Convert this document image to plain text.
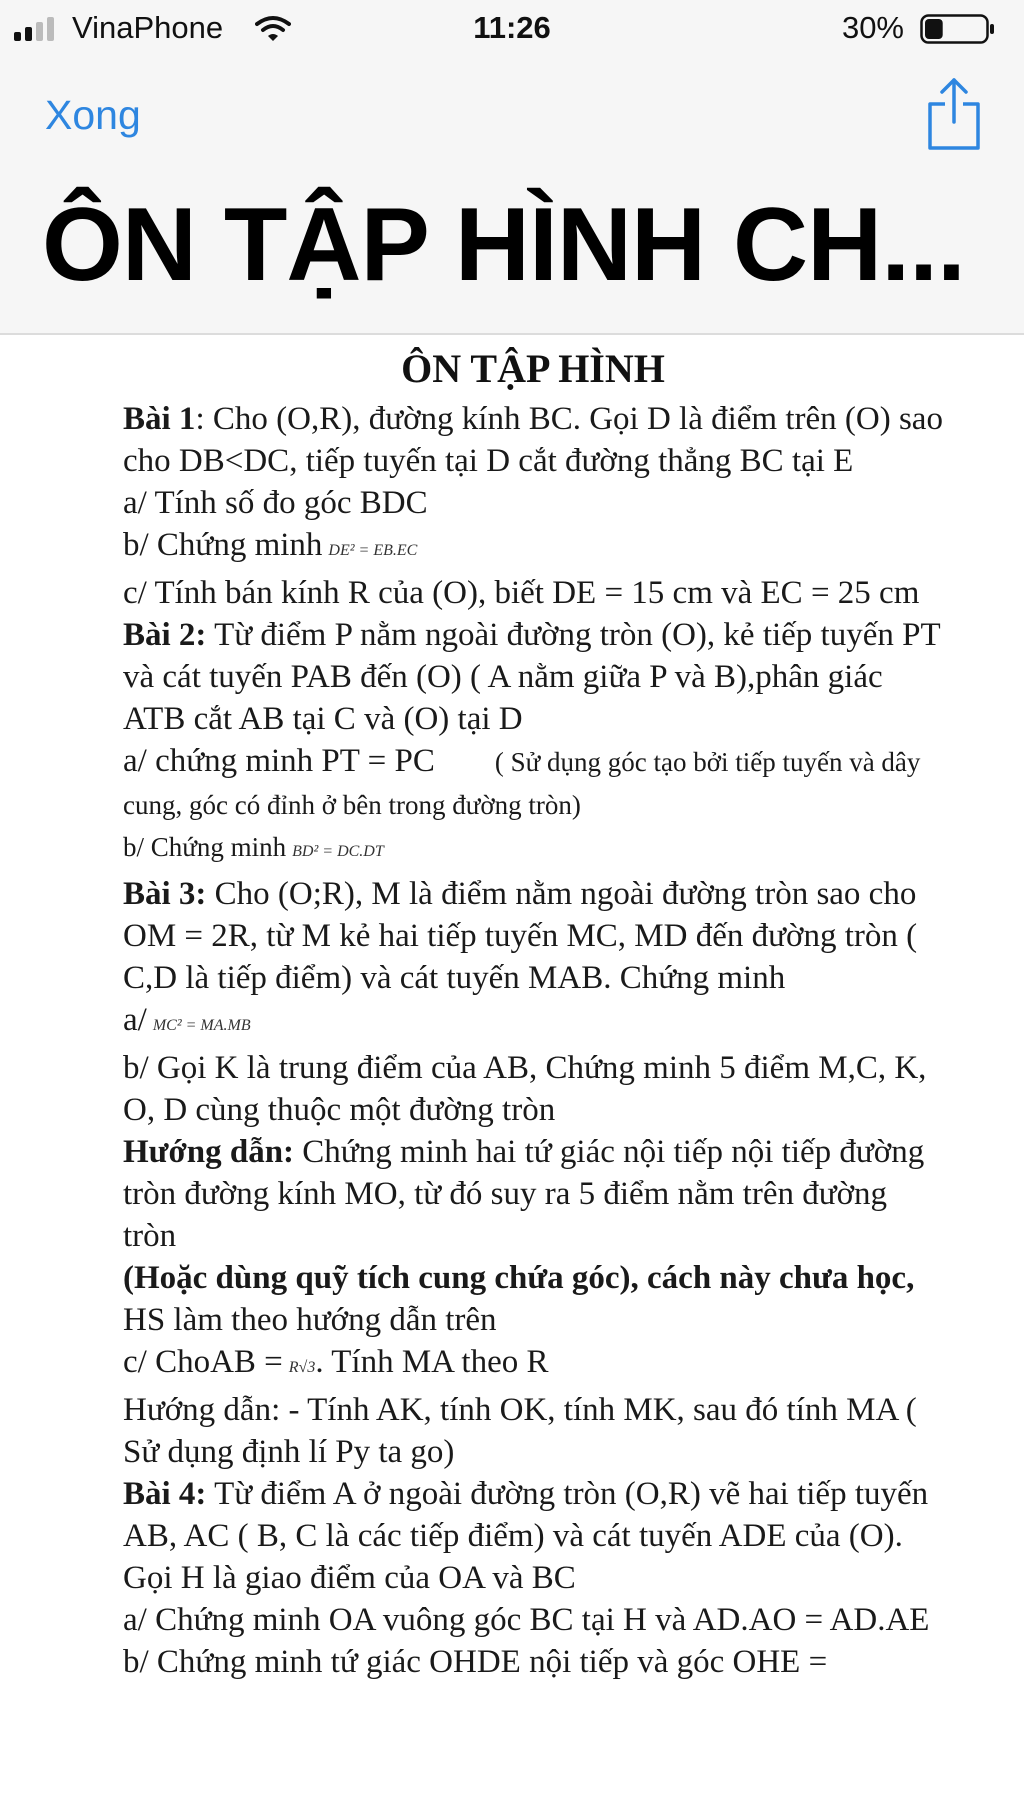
VinaPhone	11:26	30%
Xong
ÔN TẬP HÌNH CH...
ÔN TẬP HÌNH

Bài 1: Cho (O,R), đường kính BC. Gọi D là điểm trên (O) sao cho DB<DC, tiếp tuyến tại D cắt đường thẳng BC tại E

a/ Tính số đo góc BDC

b/ Chứng minh DE² = EB.EC

c/ Tính bán kính R của (O), biết DE = 15 cm và EC = 25 cm

Bài 2: Từ điểm P nằm ngoài đường tròn (O), kẻ tiếp tuyến PT và cát tuyến PAB đến (O) ( A nằm giữa P và B),phân giác ATB cắt AB tại C và (O) tại D

a/ chứng minh PT = PC ( Sử dụng góc tạo bởi tiếp tuyến và dây cung, góc có đỉnh ở bên trong đường tròn)

b/ Chứng minh BD² = DC.DT

Bài 3: Cho (O;R), M là điểm nằm ngoài đường tròn sao cho OM = 2R, từ M kẻ hai tiếp tuyến MC, MD đến đường tròn ( C,D là tiếp điểm) và cát tuyến MAB. Chứng minh

a/ MC² = MA.MB

b/ Gọi K là trung điểm của AB, Chứng minh 5 điểm M,C, K, O, D cùng thuộc một đường tròn

Hướng dẫn: Chứng minh hai tứ giác nội tiếp nội tiếp đường tròn đường kính MO, từ đó suy ra 5 điểm nằm trên đường tròn

(Hoặc dùng quỹ tích cung chứa góc), cách này chưa học, HS làm theo hướng dẫn trên

c/ ChoAB = R√3. Tính MA theo R

Hướng dẫn: - Tính AK, tính OK, tính MK, sau đó tính MA ( Sử dụng định lí Py ta go)

Bài 4: Từ điểm A ở ngoài đường tròn (O,R) vẽ hai tiếp tuyến AB, AC ( B, C là các tiếp điểm) và cát tuyến ADE của (O). Gọi H là giao điểm của OA và BC

a/ Chứng minh OA vuông góc BC tại H và AD.AO = AD.AE

b/ Chứng minh tứ giác OHDE nội tiếp và góc OHE =
